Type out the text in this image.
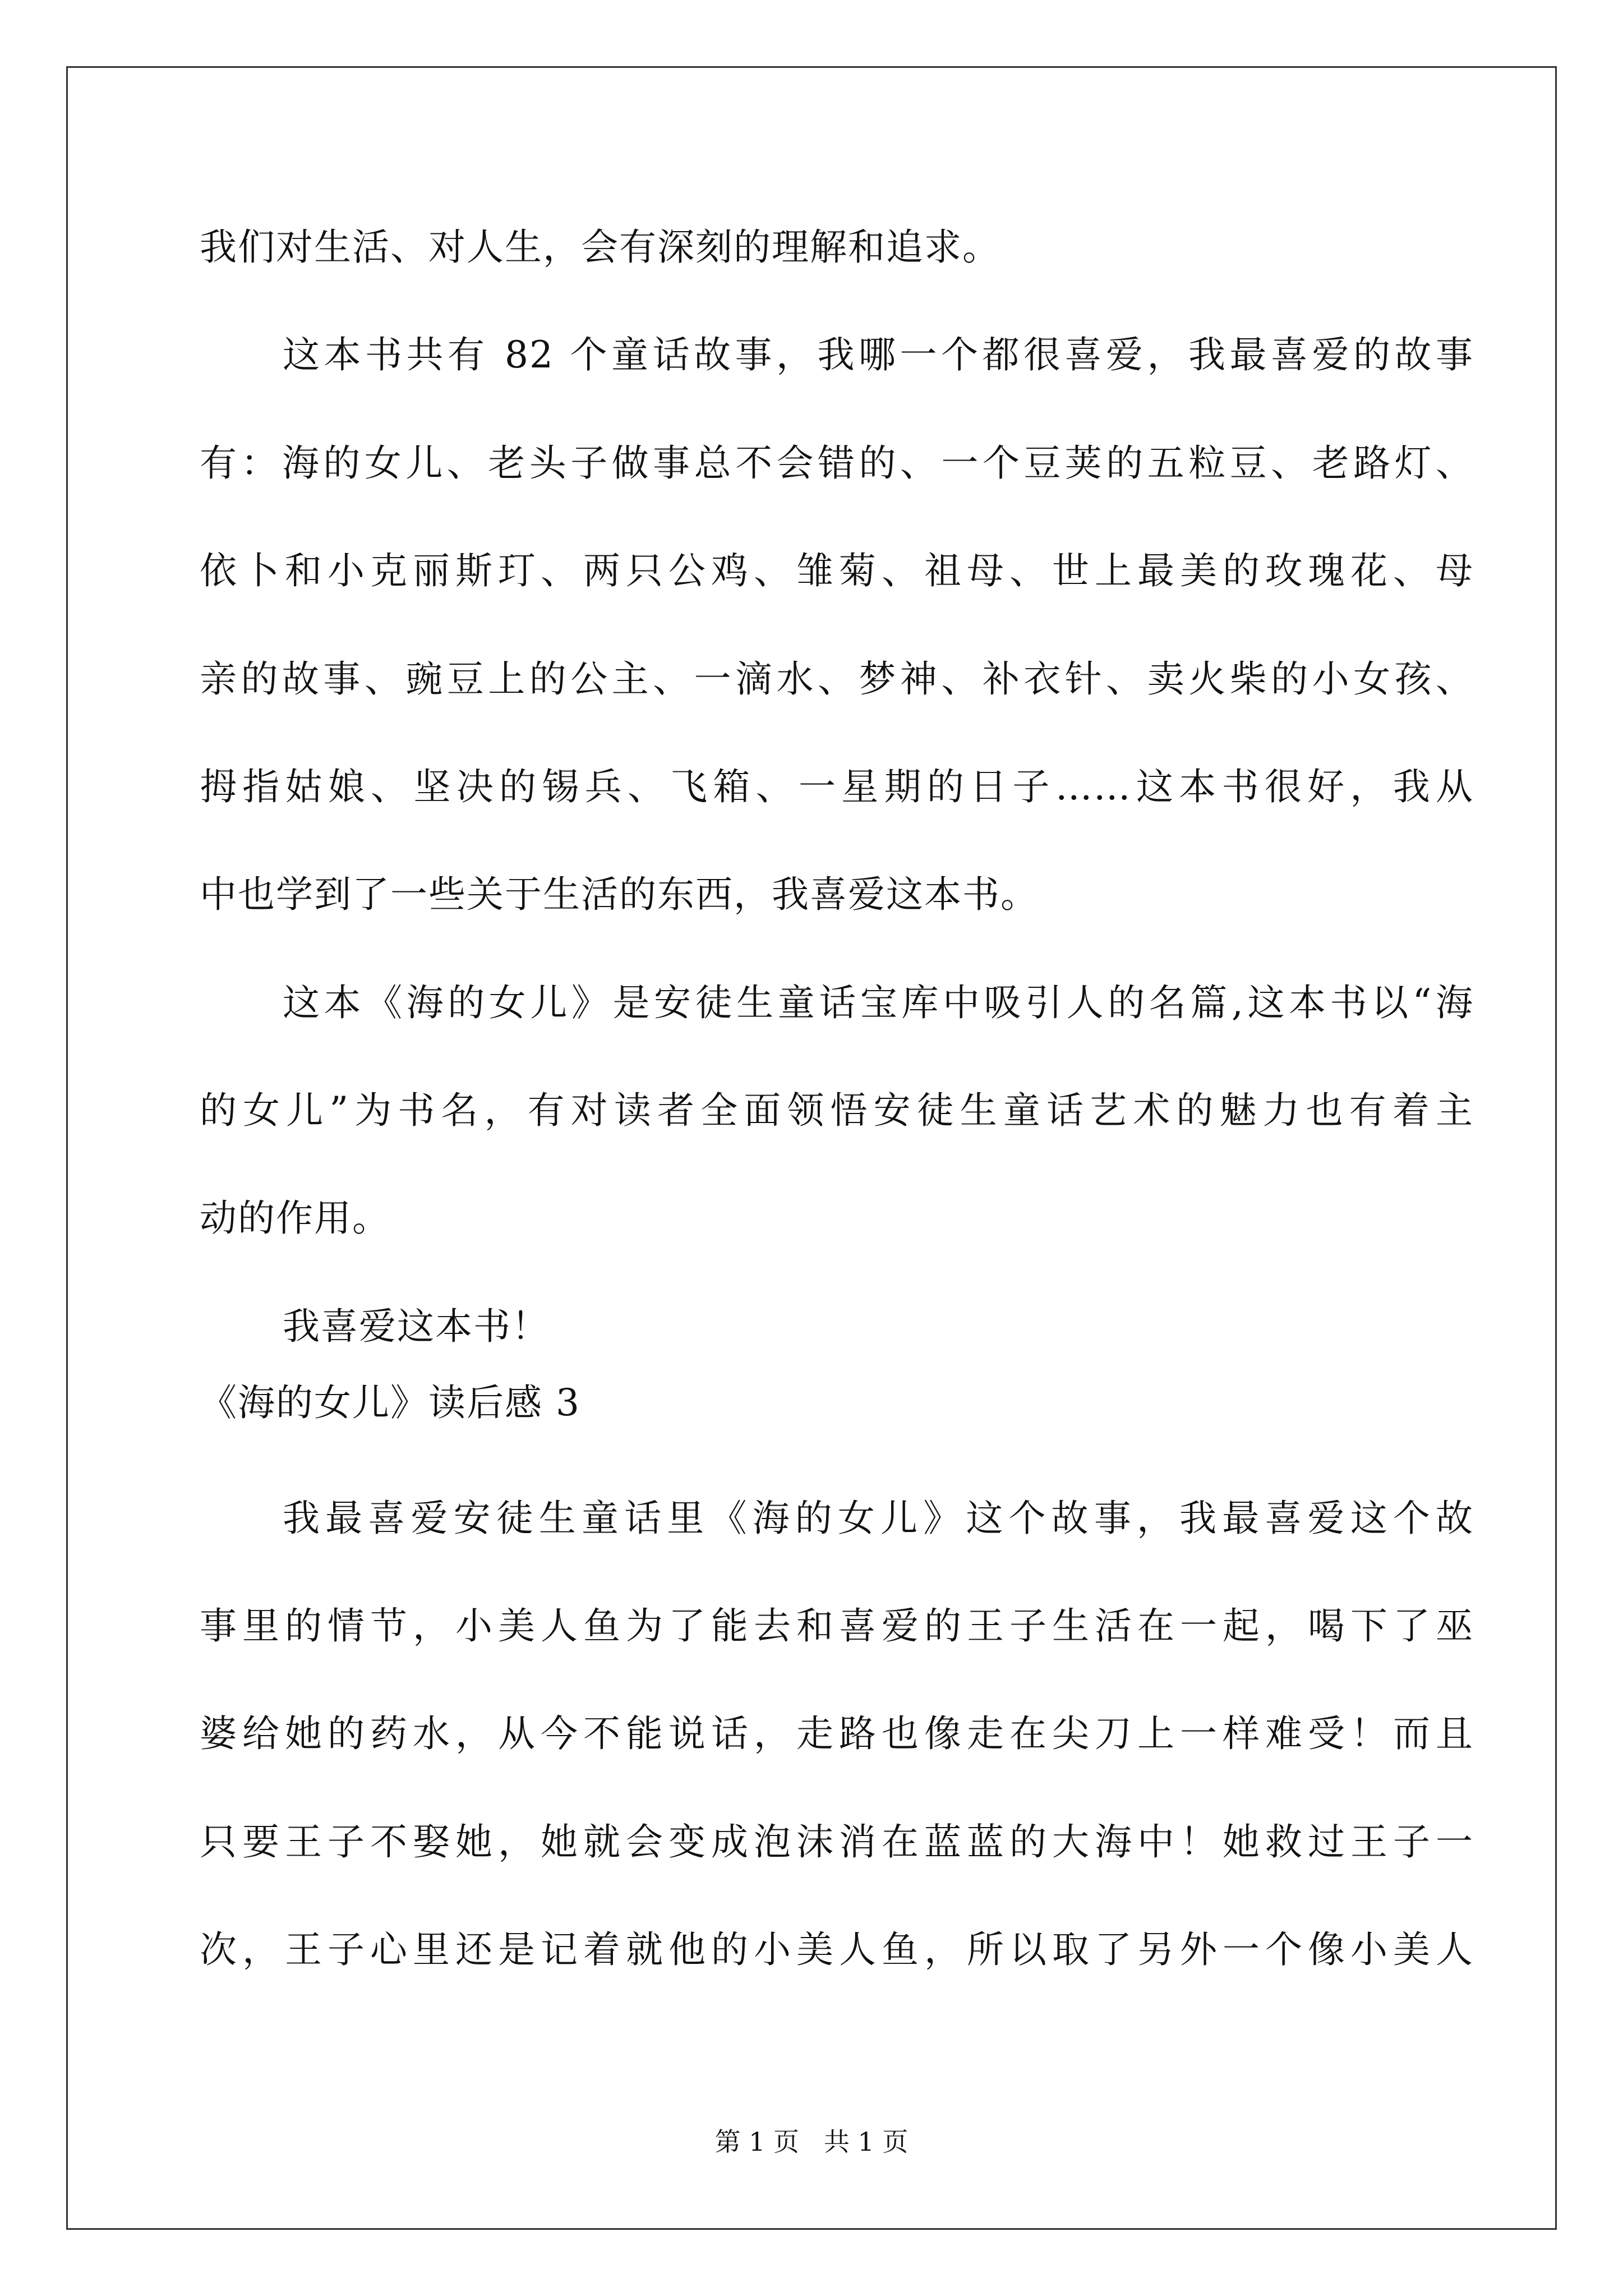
我们对生活、对人生，会有深刻的理解和追求。
这本书共有 82 个童话故事，我哪一个都很喜爱，我最喜爱的故事
有：海的女儿、老头子做事总不会错的、一个豆荚的五粒豆、老路灯、
依卜和小克丽斯玎、两只公鸡、雏菊、祖母、世上最美的玫瑰花、母
亲的故事、豌豆上的公主、一滴水、梦神、补衣针、卖火柴的小女孩、
拇指姑娘、坚决的锡兵、飞箱、一星期的日子……这本书很好，我从
中也学到了一些关于生活的东西，我喜爱这本书。
这本《海的女儿》是安徒生童话宝库中吸引人的名篇,这本书以“海
的女儿”为书名，有对读者全面领悟安徒生童话艺术的魅力也有着主
动的作用。
我喜爱这本书！
《海的女儿》读后感 3
我最喜爱安徒生童话里《海的女儿》这个故事，我最喜爱这个故
事里的情节，小美人鱼为了能去和喜爱的王子生活在一起，喝下了巫
婆给她的药水，从今不能说话，走路也像走在尖刀上一样难受！而且
只要王子不娶她，她就会变成泡沫消在蓝蓝的大海中！她救过王子一
次，王子心里还是记着就他的小美人鱼，所以取了另外一个像小美人
第 1 页   共 1 页
